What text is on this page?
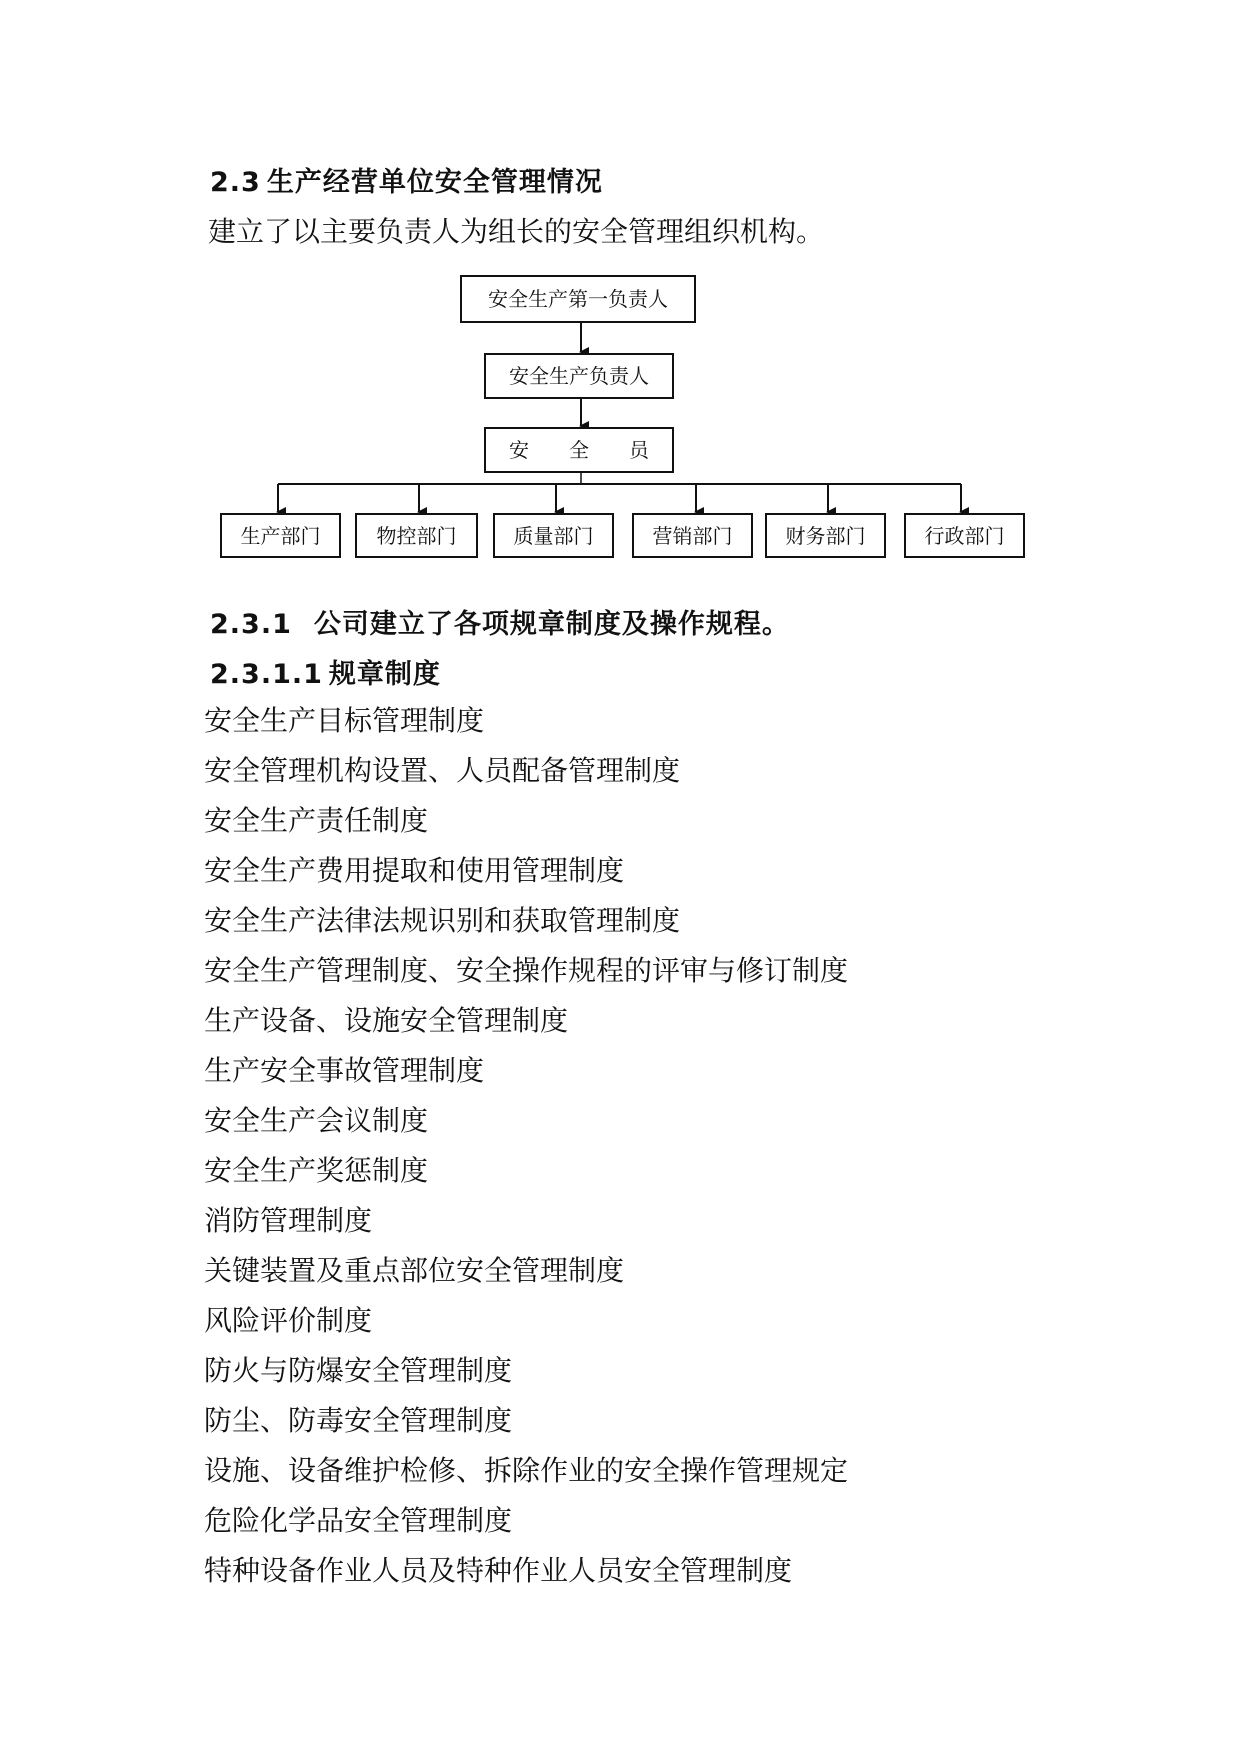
2.3 生产经营单位安全管理情况
建立了以主要负责人为组长的安全管理组织机构。
安全生产第一负责人
安全生产负责人
安　　全　　员
生产部门	物控部门	质量部门	营销部门	财务部门	行政部门
2.3.1 公司建立了各项规章制度及操作规程。
2.3.1.1 规章制度
安全生产目标管理制度
安全管理机构设置、人员配备管理制度
安全生产责任制度
安全生产费用提取和使用管理制度
安全生产法律法规识别和获取管理制度
安全生产管理制度、安全操作规程的评审与修订制度
生产设备、设施安全管理制度
生产安全事故管理制度
安全生产会议制度
安全生产奖惩制度
消防管理制度
关键装置及重点部位安全管理制度
风险评价制度
防火与防爆安全管理制度
防尘、防毒安全管理制度
设施、设备维护检修、拆除作业的安全操作管理规定
危险化学品安全管理制度
特种设备作业人员及特种作业人员安全管理制度
